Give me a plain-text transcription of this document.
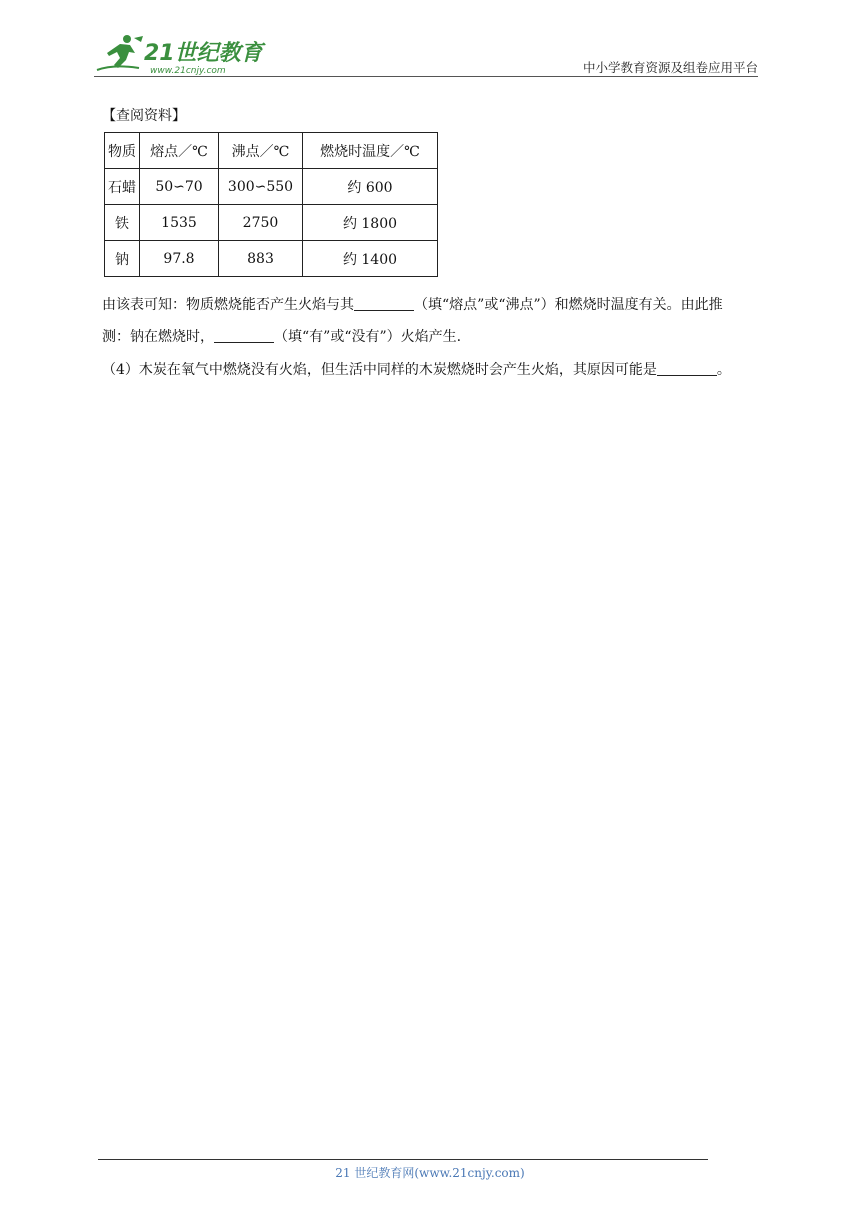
21世纪教育
www.21cnjy.com	中小学教育资源及组卷应用平台
【查阅资料】
物质	熔点／℃	沸点／℃	燃烧时温度／℃
石蜡	50∽70	300∽550	约 600
铁	1535	2750	约 1800
钠	97.8	883	约 1400
由该表可知：物质燃烧能否产生火焰与其	（填“熔点”或“沸点”）和燃烧时温度有关。由此推
测：钠在燃烧时，	（填“有”或“没有”）火焰产生.
（4）木炭在氧气中燃烧没有火焰，但生活中同样的木炭燃烧时会产生火焰，其原因可能是	。
21 世纪教育网(www.21cnjy.com)
